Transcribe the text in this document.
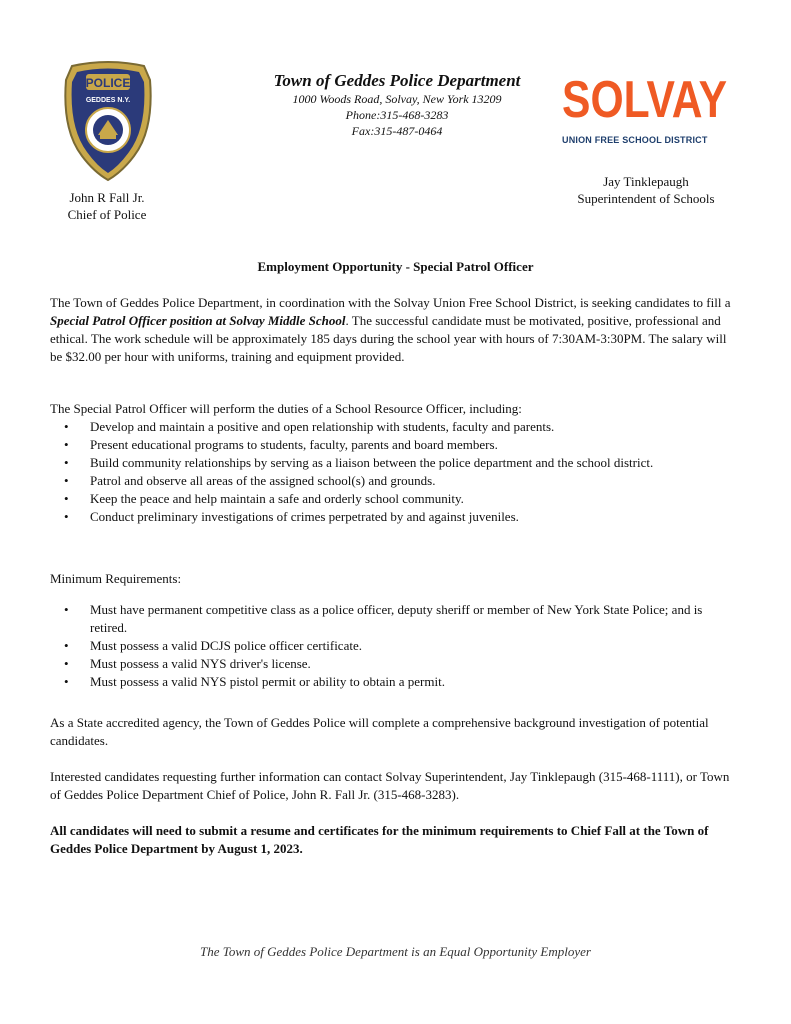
POLICE
GEDDES N.Y.
John R Fall Jr.
Chief of Police
Town of Geddes Police Department
1000 Woods Road, Solvay, New York 13209
Phone:315-468-3283
Fax:315-487-0464
SOLVAY
UNION FREE SCHOOL DISTRICT
Jay Tinklepaugh
Superintendent of Schools
Employment Opportunity - Special Patrol Officer
The Town of Geddes Police Department, in coordination with the Solvay Union Free School District, is seeking candidates to fill a Special Patrol Officer position at Solvay Middle School. The successful candidate must be motivated, positive, professional and ethical. The work schedule will be approximately 185 days during the school year with hours of 7:30AM-3:30PM. The salary will be $32.00 per hour with uniforms, training and equipment provided.
The Special Patrol Officer will perform the duties of a School Resource Officer, including:
• Develop and maintain a positive and open relationship with students, faculty and parents.
• Present educational programs to students, faculty, parents and board members.
• Build community relationships by serving as a liaison between the police department and the school district.
• Patrol and observe all areas of the assigned school(s) and grounds.
• Keep the peace and help maintain a safe and orderly school community.
• Conduct preliminary investigations of crimes perpetrated by and against juveniles.
Minimum Requirements:
• Must have permanent competitive class as a police officer, deputy sheriff or member of New York State Police; and is retired.
• Must possess a valid DCJS police officer certificate.
• Must possess a valid NYS driver's license.
• Must possess a valid NYS pistol permit or ability to obtain a permit.
As a State accredited agency, the Town of Geddes Police will complete a comprehensive background investigation of potential candidates.
Interested candidates requesting further information can contact Solvay Superintendent, Jay Tinklepaugh (315-468-1111), or Town of Geddes Police Department Chief of Police, John R. Fall Jr. (315-468-3283).
All candidates will need to submit a resume and certificates for the minimum requirements to Chief Fall at the Town of Geddes Police Department by August 1, 2023.
The Town of Geddes Police Department is an Equal Opportunity Employer
